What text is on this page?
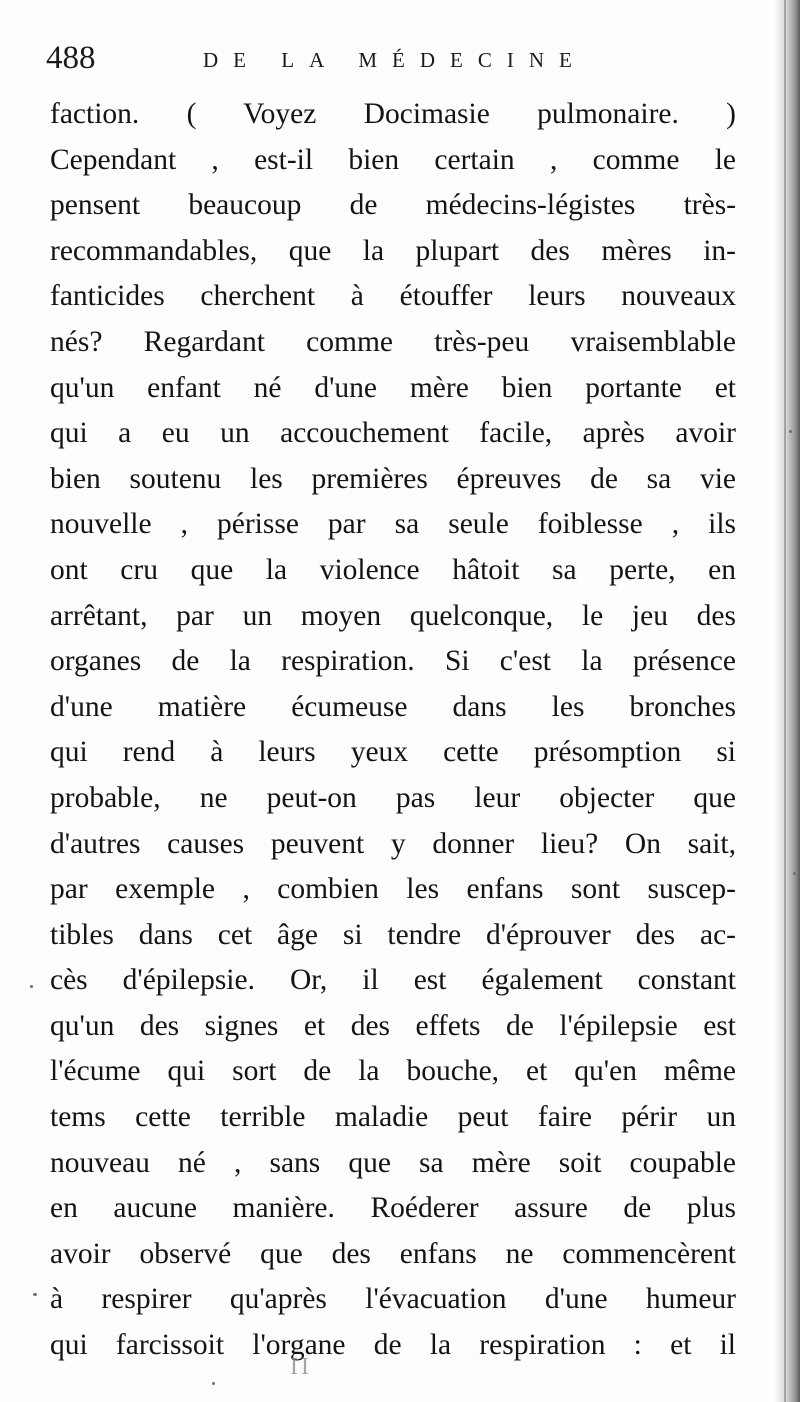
488	DE LA MÉDECINE
faction. ( Voyez Docimasie pulmonaire. )
Cependant , est-il bien certain , comme le
pensent beaucoup de médecins-légistes très-
recommandables, que la plupart des mères in-
fanticides cherchent à étouffer leurs nouveaux
nés? Regardant comme très-peu vraisemblable
qu'un enfant né d'une mère bien portante et
qui a eu un accouchement facile, après avoir
bien soutenu les premières épreuves de sa vie
nouvelle , périsse par sa seule foiblesse , ils
ont cru que la violence hâtoit sa perte, en
arrêtant, par un moyen quelconque, le jeu des
organes de la respiration. Si c'est la présence
d'une matière écumeuse dans les bronches
qui rend à leurs yeux cette présomption si
probable, ne peut-on pas leur objecter que
d'autres causes peuvent y donner lieu? On sait,
par exemple , combien les enfans sont suscep-
tibles dans cet âge si tendre d'éprouver des ac-
cès d'épilepsie. Or, il est également constant
qu'un des signes et des effets de l'épilepsie est
l'écume qui sort de la bouche, et qu'en même
tems cette terrible maladie peut faire périr un
nouveau né , sans que sa mère soit coupable
en aucune manière. Roéderer assure de plus
avoir observé que des enfans ne commencèrent
à respirer qu'après l'évacuation d'une humeur
qui farcissoit l'organe de la respiration : et il
II
